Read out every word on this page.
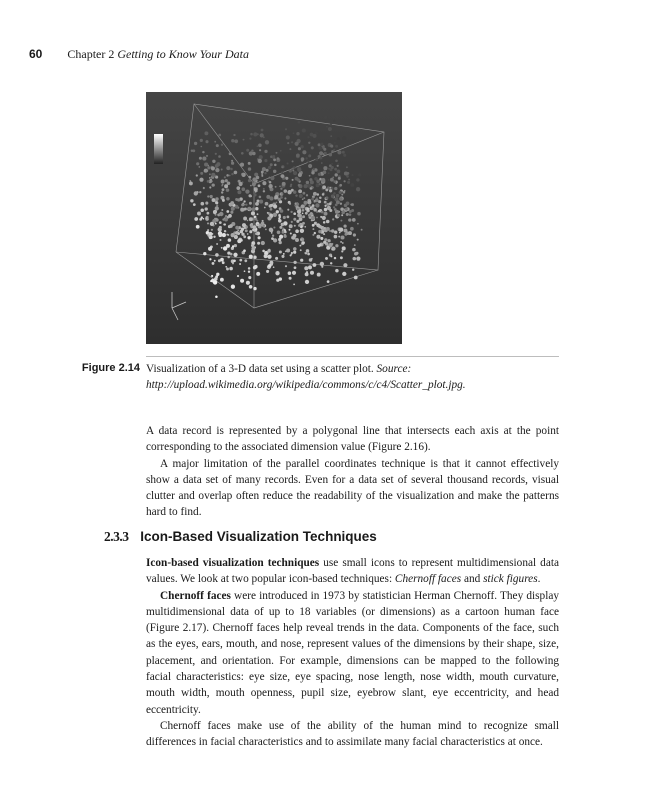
60 Chapter 2 Getting to Know Your Data
Figure 2.14 Visualization of a 3-D data set using a scatter plot. Source: http://upload.wikimedia.org/wikipedia/commons/c/c4/Scatter_plot.jpg.

A data record is represented by a polygonal line that intersects each axis at the point corresponding to the associated dimension value (Figure 2.16).

A major limitation of the parallel coordinates technique is that it cannot effectively show a data set of many records. Even for a data set of several thousand records, visual clutter and overlap often reduce the readability of the visualization and make the patterns hard to find.

2.3.3 Icon-Based Visualization Techniques

Icon-based visualization techniques use small icons to represent multidimensional data values. We look at two popular icon-based techniques: Chernoff faces and stick figures.

Chernoff faces were introduced in 1973 by statistician Herman Chernoff. They display multidimensional data of up to 18 variables (or dimensions) as a cartoon human face (Figure 2.17). Chernoff faces help reveal trends in the data. Components of the face, such as the eyes, ears, mouth, and nose, represent values of the dimensions by their shape, size, placement, and orientation. For example, dimensions can be mapped to the following facial characteristics: eye size, eye spacing, nose length, nose width, mouth curvature, mouth width, mouth openness, pupil size, eyebrow slant, eye eccentricity, and head eccentricity.

Chernoff faces make use of the ability of the human mind to recognize small differences in facial characteristics and to assimilate many facial characteristics at once.
